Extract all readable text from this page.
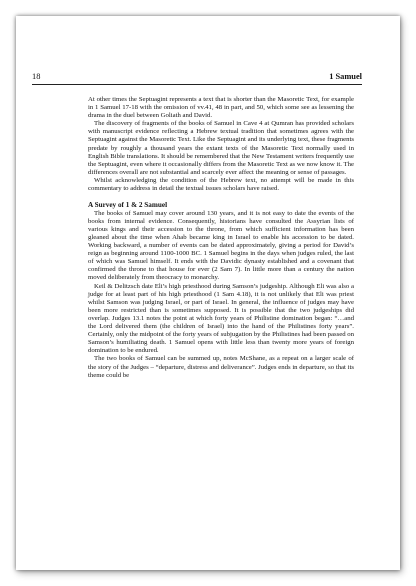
18	1 Samuel

At other times the Septuagint represents a text that is shorter than the Masoretic Text, for example in 1 Samuel 17-18 with the omission of vv.41, 48 in part, and 50, which some see as lessening the drama in the duel between Goliath and David.

The discovery of fragments of the books of Samuel in Cave 4 at Qumran has provided scholars with manuscript evidence reflecting a Hebrew textual tradition that sometimes agrees with the Septuagint against the Masoretic Text. Like the Septuagint and its underlying text, these fragments predate by roughly a thousand years the extant texts of the Masoretic Text normally used in English Bible translations. It should be remembered that the New Testament writers frequently use the Septuagint, even where it occasionally differs from the Masoretic Text as we now know it. The differences overall are not substantial and scarcely ever affect the meaning or sense of passages.

Whilst acknowledging the condition of the Hebrew text, no attempt will be made in this commentary to address in detail the textual issues scholars have raised.

A Survey of 1 & 2 Samuel

The books of Samuel may cover around 130 years, and it is not easy to date the events of the books from internal evidence. Consequently, historians have consulted the Assyrian lists of various kings and their accession to the throne, from which sufficient information has been gleaned about the time when Ahab became king in Israel to enable his accession to be dated. Working backward, a number of events can be dated approximately, giving a period for David’s reign as beginning around 1100-1000 BC. 1 Samuel begins in the days when judges ruled, the last of which was Samuel himself. It ends with the Davidic dynasty established and a covenant that confirmed the throne to that house for ever (2 Sam 7). In little more than a century the nation moved deliberately from theocracy to monarchy.

Keil & Delitzsch date Eli’s high priesthood during Samson’s judgeship. Although Eli was also a judge for at least part of his high priesthood (1 Sam 4.18), it is not unlikely that Eli was priest whilst Samson was judging Israel, or part of Israel. In general, the influence of judges may have been more restricted than is sometimes supposed. It is possible that the two judgeships did overlap. Judges 13.1 notes the point at which forty years of Philistine domination began: “…and the Lord delivered them (the children of Israel) into the hand of the Philistines forty years”. Certainly, only the midpoint of the forty years of subjugation by the Philistines had been passed on Samson’s humiliating death. 1 Samuel opens with little less than twenty more years of foreign domination to be endured.

The two books of Samuel can be summed up, notes McShane, as a repeat on a larger scale of the story of the Judges – “departure, distress and deliverance”. Judges ends in departure, so that its theme could be
